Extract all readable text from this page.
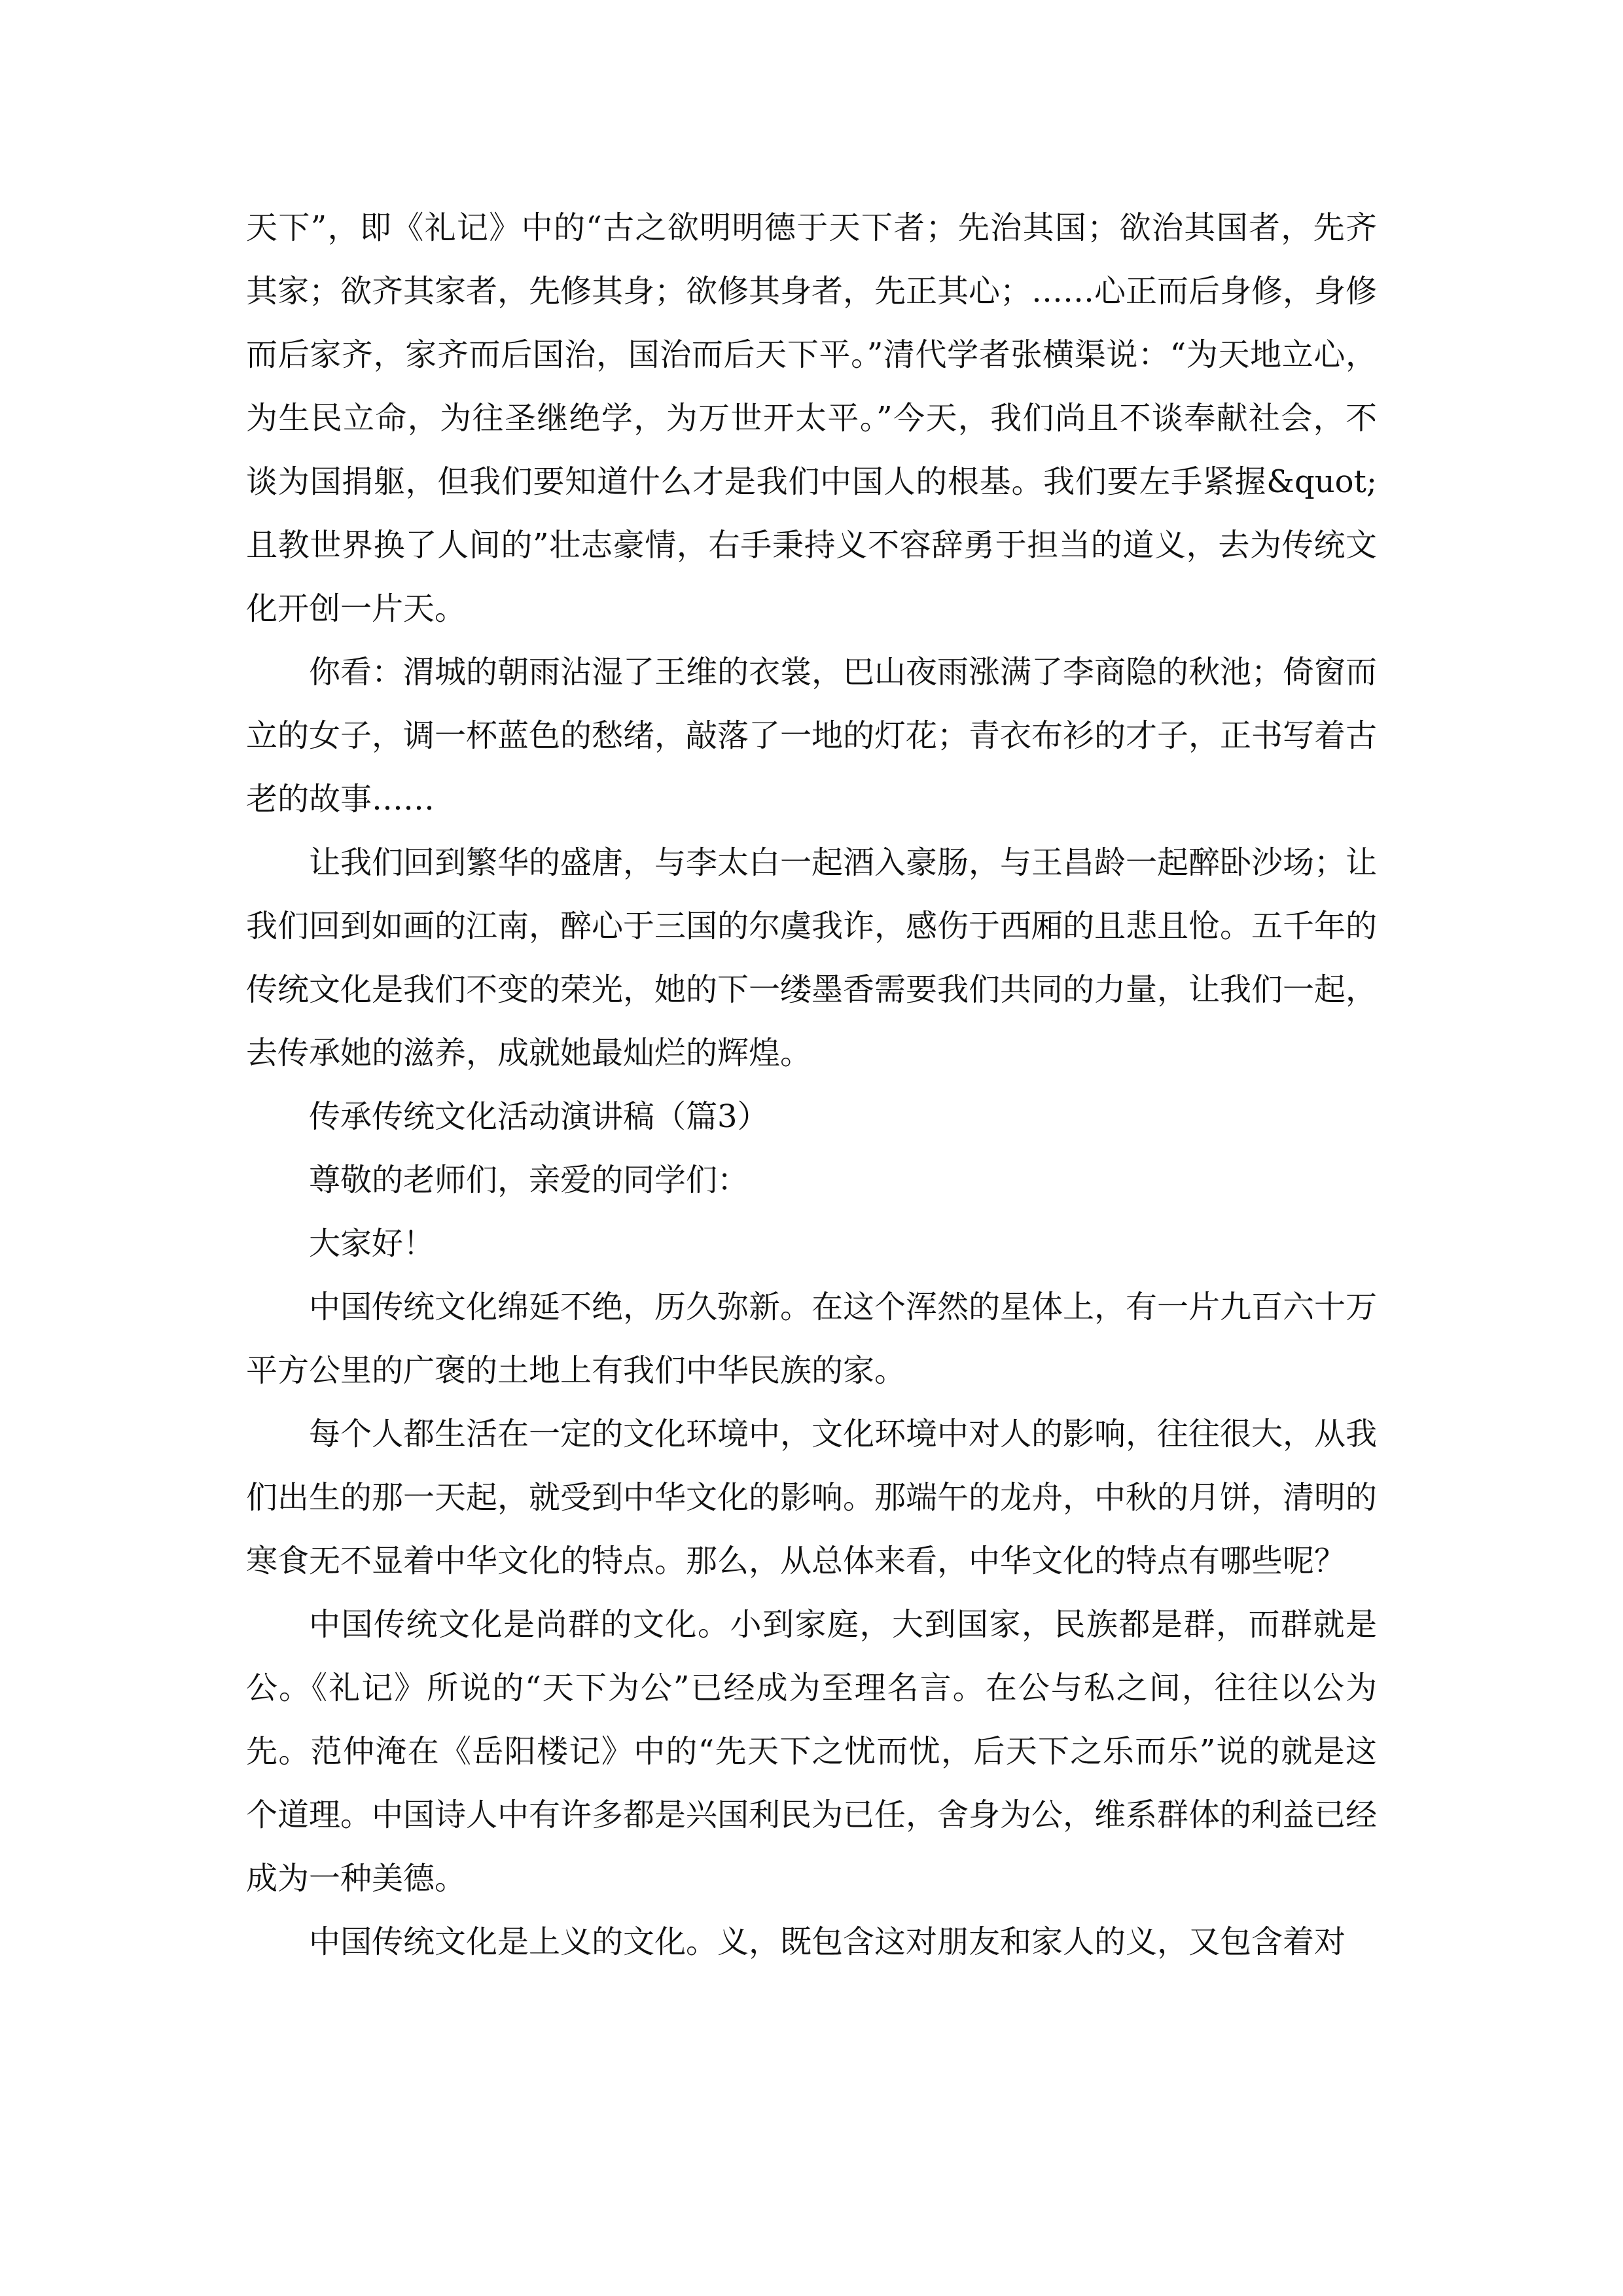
天下”，即《礼记》中的“古之欲明明德于天下者；先治其国；欲治其国者，先齐其家；欲齐其家者，先修其身；欲修其身者，先正其心；……心正而后身修，身修而后家齐，家齐而后国治，国治而后天下平。”清代学者张横渠说：“为天地立心，为生民立命，为往圣继绝学，为万世开太平。”今天，我们尚且不谈奉献社会，不谈为国捐躯，但我们要知道什么才是我们中国人的根基。我们要左手紧握&quot;且教世界换了人间的”壮志豪情，右手秉持义不容辞勇于担当的道义，去为传统文化开创一片天。

你看：渭城的朝雨沾湿了王维的衣裳，巴山夜雨涨满了李商隐的秋池；倚窗而立的女子，调一杯蓝色的愁绪，敲落了一地的灯花；青衣布衫的才子，正书写着古老的故事……

让我们回到繁华的盛唐，与李太白一起酒入豪肠，与王昌龄一起醉卧沙场；让我们回到如画的江南，醉心于三国的尔虞我诈，感伤于西厢的且悲且怆。五千年的传统文化是我们不变的荣光，她的下一缕墨香需要我们共同的力量，让我们一起，去传承她的滋养，成就她最灿烂的辉煌。

传承传统文化活动演讲稿（篇3）

尊敬的老师们，亲爱的同学们：

大家好！

中国传统文化绵延不绝，历久弥新。在这个浑然的星体上，有一片九百六十万平方公里的广褒的土地上有我们中华民族的家。

每个人都生活在一定的文化环境中，文化环境中对人的影响，往往很大，从我们出生的那一天起，就受到中华文化的影响。那端午的龙舟，中秋的月饼，清明的寒食无不显着中华文化的特点。那么，从总体来看，中华文化的特点有哪些呢？

中国传统文化是尚群的文化。小到家庭，大到国家，民族都是群，而群就是公。《礼记》所说的“天下为公”已经成为至理名言。在公与私之间，往往以公为先。范仲淹在《岳阳楼记》中的“先天下之忧而忧，后天下之乐而乐”说的就是这个道理。中国诗人中有许多都是兴国利民为已任，舍身为公，维系群体的利益已经成为一种美德。

中国传统文化是上义的文化。义，既包含这对朋友和家人的义，又包含着对
